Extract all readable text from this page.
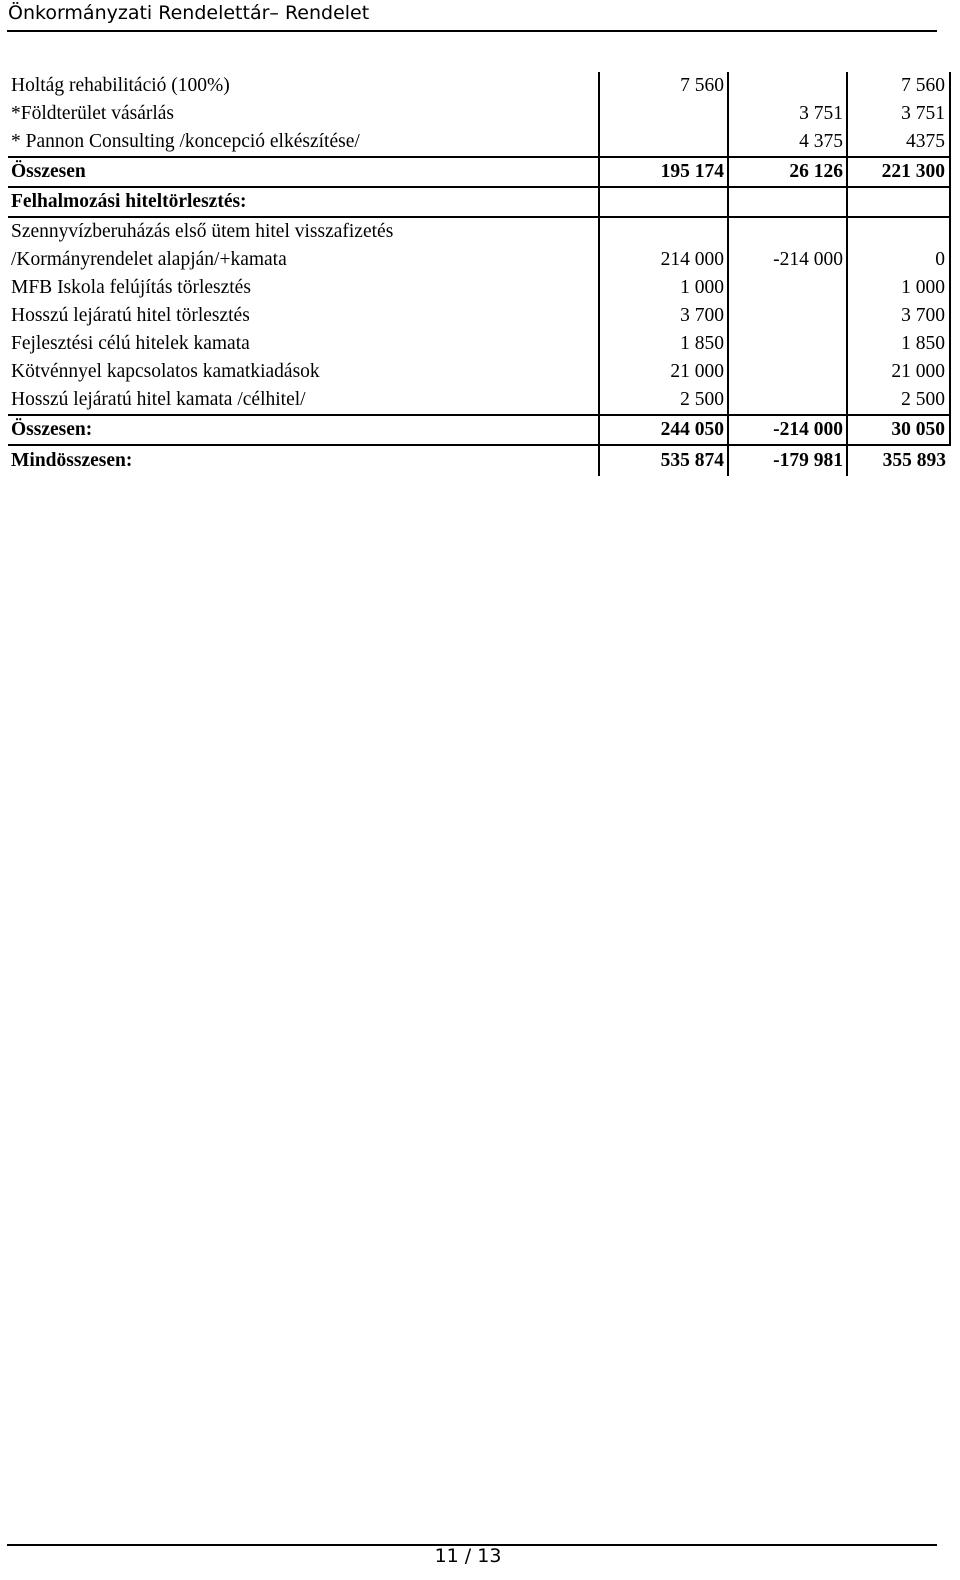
Önkormányzati Rendelettár– Rendelet
Holtág rehabilitáció (100%)	7 560		7 560
*Földterület vásárlás		3 751	3 751
* Pannon Consulting /koncepció elkészítése/		4 375	4375
Összesen	195 174	26 126	221 300
Felhalmozási hiteltörlesztés:			
Szennyvízberuházás első ütem hitel visszafizetés			
/Kormányrendelet alapján/+kamata	214 000	-214 000	0
MFB Iskola felújítás törlesztés	1 000		1 000
Hosszú lejáratú hitel törlesztés	3 700		3 700
Fejlesztési célú hitelek kamata	1 850		1 850
Kötvénnyel kapcsolatos kamatkiadások	21 000		21 000
Hosszú lejáratú hitel kamata /célhitel/	2 500		2 500
Összesen:	244 050	-214 000	30 050
Mindösszesen:	535 874	-179 981	355 893
11 / 13
